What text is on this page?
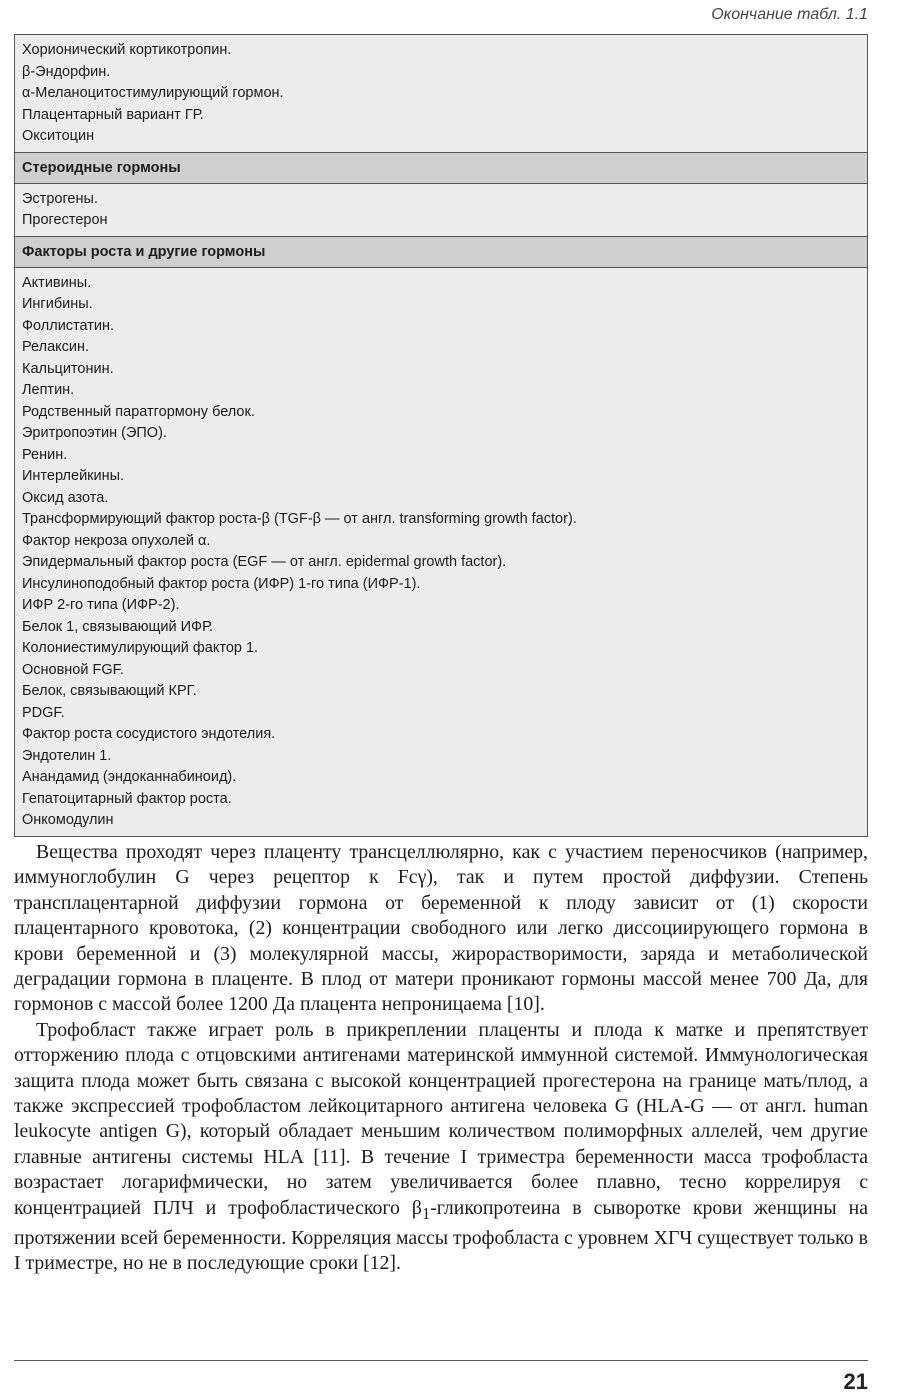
Окончание табл. 1.1
Хорионический кортикотропин.
β-Эндорфин.
α-Меланоцитостимулирующий гормон.
Плацентарный вариант ГР.
Окситоцин
Стероидные гормоны
Эстрогены.
Прогестерон
Факторы роста и другие гормоны
Активины.
Ингибины.
Фоллистатин.
Релаксин.
Кальцитонин.
Лептин.
Родственный паратгормону белок.
Эритропоэтин (ЭПО).
Ренин.
Интерлейкины.
Оксид азота.
Трансформирующий фактор роста-β (TGF-β — от англ. transforming growth factor).
Фактор некроза опухолей α.
Эпидермальный фактор роста (EGF — от англ. epidermal growth factor).
Инсулиноподобный фактор роста (ИФР) 1-го типа (ИФР-1).
ИФР 2-го типа (ИФР-2).
Белок 1, связывающий ИФР.
Колониестимулирующий фактор 1.
Основной FGF.
Белок, связывающий КРГ.
PDGF.
Фактор роста сосудистого эндотелия.
Эндотелин 1.
Анандамид (эндоканнабиноид).
Гепатоцитарный фактор роста.
Онкомодулин

Вещества проходят через плаценту трансцеллюлярно, как с участием переносчиков (например, иммуноглобулин G через рецептор к Fcγ), так и путем простой диффузии. Степень трансплацентарной диффузии гормона от беременной к плоду зависит от (1) скорости плацентарного кровотока, (2) концентрации свободного или легко диссоциирующего гормона в крови беременной и (3) молекулярной массы, жирорастворимости, заряда и метаболической деградации гормона в плаценте. В плод от матери проникают гормоны массой менее 700 Да, для гормонов с массой более 1200 Да плацента непроницаема [10].

Трофобласт также играет роль в прикреплении плаценты и плода к матке и препятствует отторжению плода с отцовскими антигенами материнской иммунной системой. Иммунологическая защита плода может быть связана с высокой концентрацией прогестерона на границе мать/плод, а также экспрессией трофобластом лейкоцитарного антигена человека G (HLA-G — от англ. human leukocyte antigen G), который обладает меньшим количеством полиморфных аллелей, чем другие главные антигены системы HLA [11]. В течение I триместра беременности масса трофобласта возрастает логарифмически, но затем увеличивается более плавно, тесно коррелируя с концентрацией ПЛЧ и трофобластического $\beta_1$-гликопротеина в сыворотке крови женщины на протяжении всей беременности. Корреляция массы трофобласта с уровнем ХГЧ существует только в I триместре, но не в последующие сроки [12].

21
